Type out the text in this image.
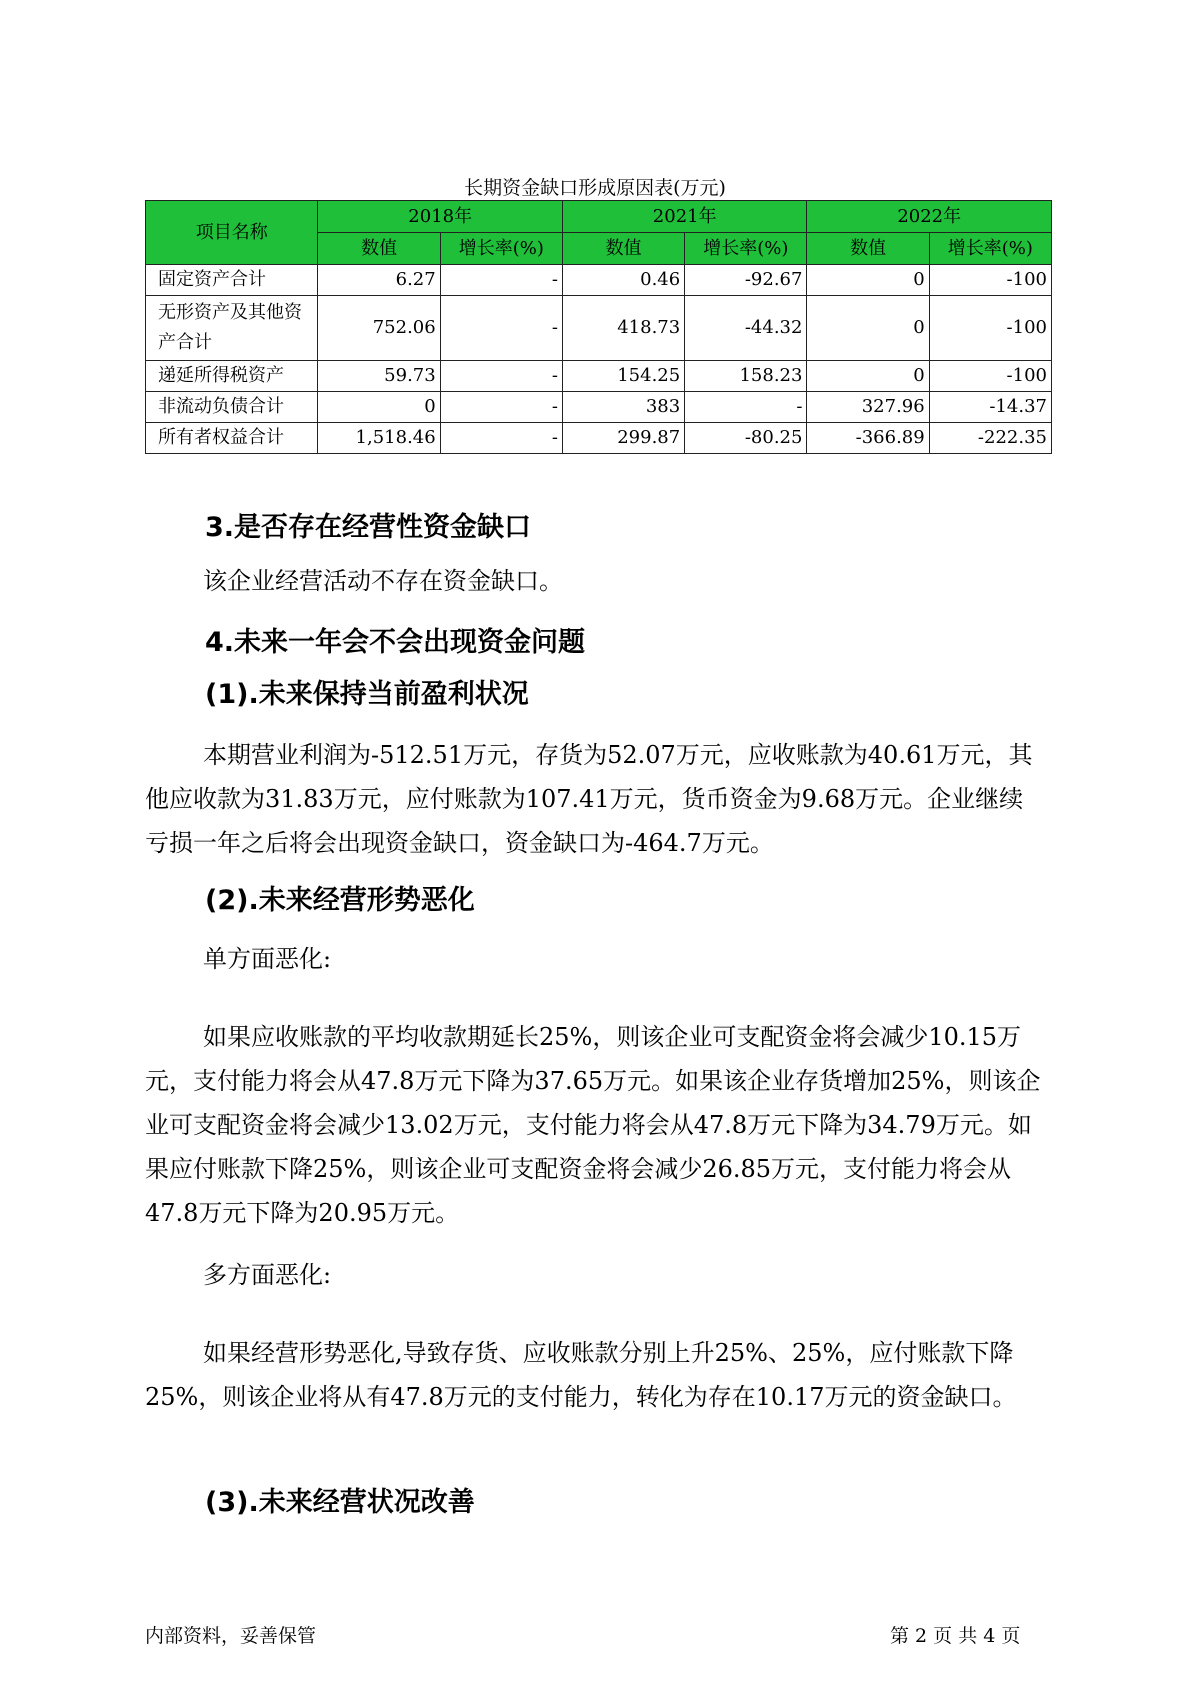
长期资金缺口形成原因表(万元)
项目名称	2018年		2021年		2022年	
	数值	增长率(%)	数值	增长率(%)	数值	增长率(%)
固定资产合计	6.27	-	0.46	-92.67	0	-100
无形资产及其他资
产合计	752.06	-	418.73	-44.32	0	-100
递延所得税资产	59.73	-	154.25	158.23	0	-100
非流动负债合计	0	-	383	-	327.96	-14.37
所有者权益合计	1,518.46	-	299.87	-80.25	-366.89	-222.35
3.是否存在经营性资金缺口
该企业经营活动不存在资金缺口。
4.未来一年会不会出现资金问题
(1).未来保持当前盈利状况
本期营业利润为-512.51万元，存货为52.07万元，应收账款为40.61万元，其他应收款为31.83万元，应付账款为107.41万元，货币资金为9.68万元。企业继续亏损一年之后将会出现资金缺口，资金缺口为-464.7万元。
(2).未来经营形势恶化
单方面恶化:
如果应收账款的平均收款期延长25%，则该企业可支配资金将会减少10.15万元，支付能力将会从47.8万元下降为37.65万元。如果该企业存货增加25%，则该企业可支配资金将会减少13.02万元，支付能力将会从47.8万元下降为34.79万元。如果应付账款下降25%，则该企业可支配资金将会减少26.85万元，支付能力将会从47.8万元下降为20.95万元。
多方面恶化:
如果经营形势恶化,导致存货、应收账款分别上升25%、25%，应付账款下降25%，则该企业将从有47.8万元的支付能力，转化为存在10.17万元的资金缺口。
(3).未来经营状况改善
内部资料，妥善保管	第 2 页 共 4 页
